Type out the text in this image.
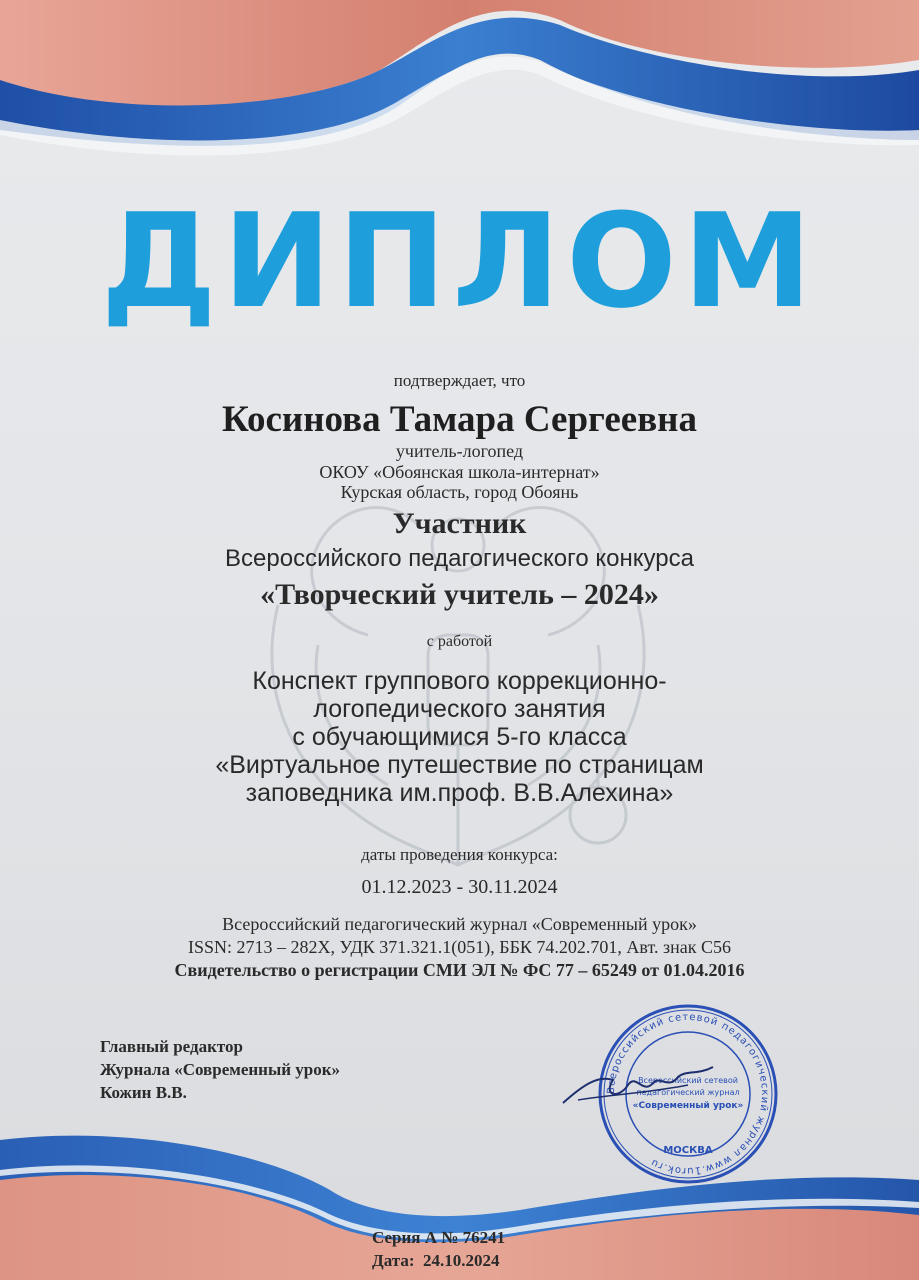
ДИПЛОМ
подтверждает, что
Косинова Тамара Сергеевна
учитель-логопед
ОКОУ «Обоянская школа-интернат»
Курская область, город Обоянь
Участник
Всероссийского педагогического конкурса
«Творческий учитель – 2024»
с работой
Конспект группового коррекционно-
логопедического занятия
с обучающимися 5-го класса
«Виртуальное путешествие по страницам
заповедника им.проф. В.В.Алехина»
даты проведения конкурса:
01.12.2023 - 30.11.2024
Всероссийский педагогический журнал «Современный урок»
ISSN: 2713 – 282Х, УДК 371.321.1(051), ББК 74.202.701, Авт. знак С56
Свидетельство о регистрации СМИ ЭЛ № ФС 77 – 65249 от 01.04.2016
Главный редактор
Журнала «Современный урок»
Кожин В.В.	Всероссийский сетевой педагогический журнал www.1urok.ru
Всероссийский сетевой
педагогический журнал
«Современный урок»
МОСКВА
Серия А № 76241
Дата: 24.10.2024
